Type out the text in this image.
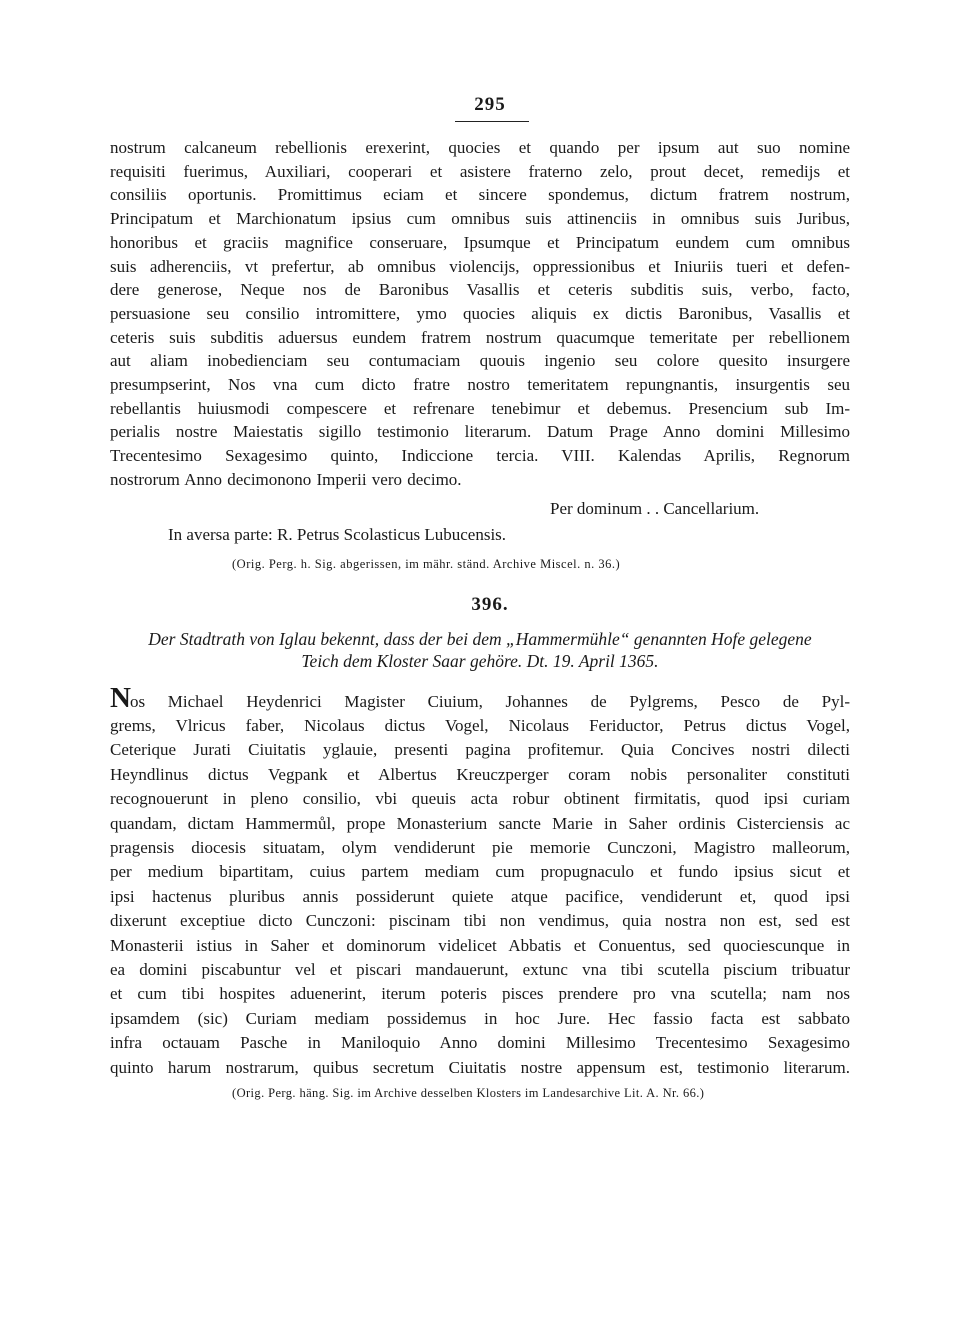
295
nostrum calcaneum rebellionis erexerint, quocies et quando per ipsum aut suo nomine
requisiti fuerimus, Auxiliari, cooperari et asistere fraterno zelo, prout decet, remedijs et
consiliis oportunis. Promittimus eciam et sincere spondemus, dictum fratrem nostrum,
Principatum et Marchionatum ipsius cum omnibus suis attinenciis in omnibus suis Juribus,
honoribus et graciis magnifice conseruare, Ipsumque et Principatum eundem cum omnibus
suis adherenciis, vt prefertur, ab omnibus violencijs, oppressionibus et Iniuriis tueri et defen-
dere generose, Neque nos de Baronibus Vasallis et ceteris subditis suis, verbo, facto,
persuasione seu consilio intromittere, ymo quocies aliquis ex dictis Baronibus, Vasallis et
ceteris suis subditis aduersus eundem fratrem nostrum quacumque temeritate per rebellionem
aut aliam inobedienciam seu contumaciam quouis ingenio seu colore quesito insurgere
presumpserint, Nos vna cum dicto fratre nostro temeritatem repungnantis, insurgentis seu
rebellantis huiusmodi compescere et refrenare tenebimur et debemus. Presencium sub Im-
perialis nostre Maiestatis sigillo testimonio literarum. Datum Prage Anno domini Millesimo
Trecentesimo Sexagesimo quinto, Indiccione tercia. VIII. Kalendas Aprilis, Regnorum
nostrorum Anno decimonono Imperii vero decimo.
Per dominum . . Cancellarium.
In aversa parte: R. Petrus Scolasticus Lubucensis.
(Orig. Perg. h. Sig. abgerissen, im mähr. ständ. Archive Miscel. n. 36.)
396.
Der Stadtrath von Iglau bekennt, dass der bei dem „Hammermühle“ genannten Hofe gelegene
Teich dem Kloster Saar gehöre. Dt. 19. April 1365.
Nos Michael Heydenrici Magister Ciuium, Johannes de Pylgrems, Pesco de Pyl-
grems, Vlricus faber, Nicolaus dictus Vogel, Nicolaus Feriductor, Petrus dictus Vogel,
Ceterique Jurati Ciuitatis yglauie, presenti pagina profitemur. Quia Concives nostri dilecti
Heyndlinus dictus Vegpank et Albertus Kreuczperger coram nobis personaliter constituti
recognouerunt in pleno consilio, vbi queuis acta robur obtinent firmitatis, quod ipsi curiam
quandam, dictam Hammermůl, prope Monasterium sancte Marie in Saher ordinis Cisterciensis ac
pragensis diocesis situatam, olym vendiderunt pie memorie Cunczoni, Magistro malleorum,
per medium bipartitam, cuius partem mediam cum propugnaculo et fundo ipsius sicut et
ipsi hactenus pluribus annis possiderunt quiete atque pacifice, vendiderunt et, quod ipsi
dixerunt exceptiue dicto Cunczoni: piscinam tibi non vendimus, quia nostra non est, sed est
Monasterii istius in Saher et dominorum videlicet Abbatis et Conuentus, sed quociescunque in
ea domini piscabuntur vel et piscari mandauerunt, extunc vna tibi scutella piscium tribuatur
et cum tibi hospites aduenerint, iterum poteris pisces prendere pro vna scutella; nam nos
ipsamdem (sic) Curiam mediam possidemus in hoc Jure. Hec fassio facta est sabbato
infra octauam Pasche in Maniloquio Anno domini Millesimo Trecentesimo Sexagesimo
quinto harum nostrarum, quibus secretum Ciuitatis nostre appensum est, testimonio literarum.
(Orig. Perg. häng. Sig. im Archive desselben Klosters im Landesarchive Lit. A. Nr. 66.)
